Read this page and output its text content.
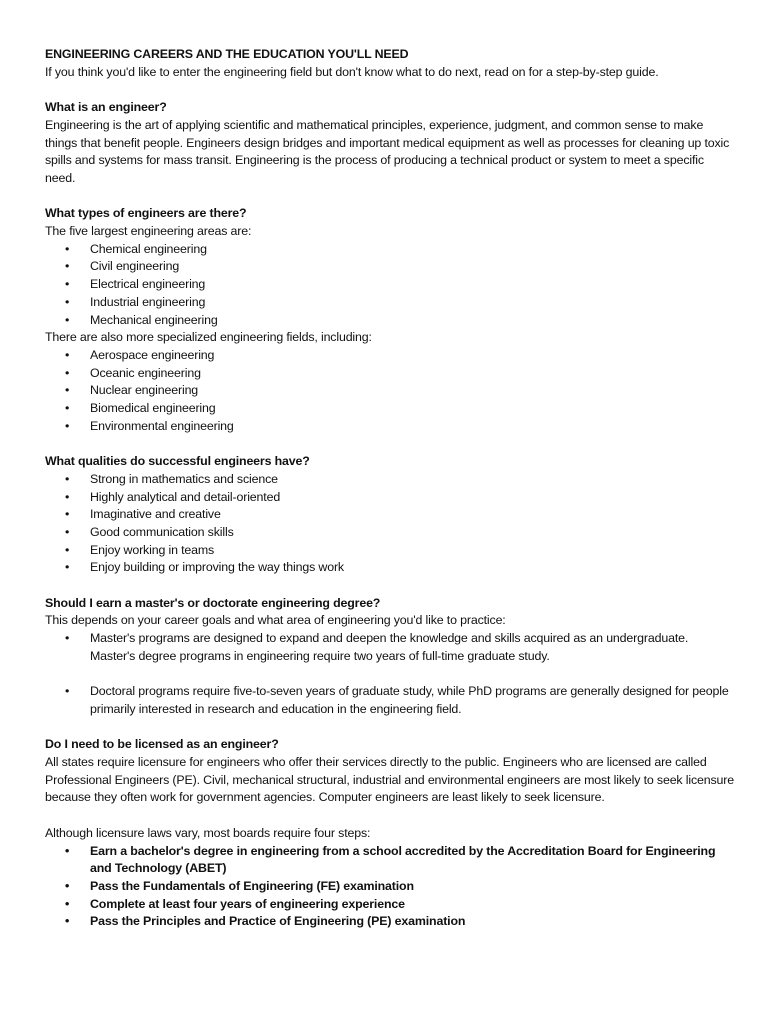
ENGINEERING CAREERS AND THE EDUCATION YOU'LL NEED

If you think you'd like to enter the engineering field but don't know what to do next, read on for a step-by-step guide.

What is an engineer?

Engineering is the art of applying scientific and mathematical principles, experience, judgment, and common sense to make things that benefit people. Engineers design bridges and important medical equipment as well as processes for cleaning up toxic spills and systems for mass transit. Engineering is the process of producing a technical product or system to meet a specific need.

What types of engineers are there?

The five largest engineering areas are:

• Chemical engineering
• Civil engineering
• Electrical engineering
• Industrial engineering
• Mechanical engineering

There are also more specialized engineering fields, including:

• Aerospace engineering
• Oceanic engineering
• Nuclear engineering
• Biomedical engineering
• Environmental engineering

What qualities do successful engineers have?

• Strong in mathematics and science
• Highly analytical and detail-oriented
• Imaginative and creative
• Good communication skills
• Enjoy working in teams
• Enjoy building or improving the way things work

Should I earn a master's or doctorate engineering degree?

This depends on your career goals and what area of engineering you'd like to practice:

• Master's programs are designed to expand and deepen the knowledge and skills acquired as an undergraduate. Master's degree programs in engineering require two years of full-time graduate study.
• Doctoral programs require five-to-seven years of graduate study, while PhD programs are generally designed for people primarily interested in research and education in the engineering field.

Do I need to be licensed as an engineer?

All states require licensure for engineers who offer their services directly to the public. Engineers who are licensed are called Professional Engineers (PE). Civil, mechanical structural, industrial and environmental engineers are most likely to seek licensure because they often work for government agencies. Computer engineers are least likely to seek licensure.

Although licensure laws vary, most boards require four steps:

• Earn a bachelor's degree in engineering from a school accredited by the Accreditation Board for Engineering and Technology (ABET)
• Pass the Fundamentals of Engineering (FE) examination
• Complete at least four years of engineering experience
• Pass the Principles and Practice of Engineering (PE) examination
